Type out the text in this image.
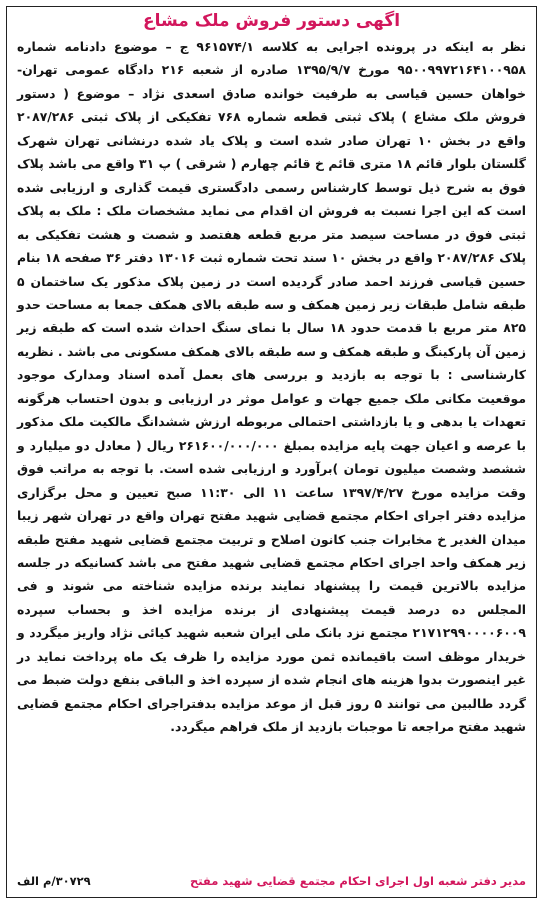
اگهی دستور فروش ملک مشاع

نظر به اینکه در پرونده اجرایی به کلاسه ۹۶۱۵۷۴/۱ ج – موضوع دادنامه شماره ۹۵۰۰۹۹۷۲۱۶۴۱۰۰۹۵۸ مورخ ۱۳۹۵/۹/۷ صادره از شعبه ۲۱۶ دادگاه عمومی تهران- خواهان حسین قیاسی به طرفیت خوانده صادق اسعدی نژاد – موضوع ( دستور فروش ملک مشاع ) پلاک ثبتی قطعه شماره ۷۶۸ تفکیکی از پلاک ثبتی ۲۰۸۷/۲۸۶ واقع در بخش ۱۰ تهران صادر شده است و پلاک یاد شده درنشانی تهران شهرک گلستان بلوار قائم ۱۸ متری قائم خ قائم چهارم ( شرقی ) پ ۳۱ واقع می باشد پلاک فوق به شرح ذیل توسط کارشناس رسمی دادگستری قیمت گذاری و ارزیابی شده است که این اجرا نسبت به فروش ان اقدام می نماید مشخصات ملک : ملک به پلاک ثبتی فوق در مساحت سیصد متر مربع قطعه هفتصد و شصت و هشت تفکیکی به پلاک ۲۰۸۷/۲۸۶ واقع در بخش ۱۰ سند تحت شماره ثبت ۱۳۰۱۶ دفتر ۳۶ صفحه ۱۸ بنام حسین قیاسی فرزند احمد صادر گردیده است در زمین پلاک مذکور یک ساختمان ۵ طبقه شامل طبقات زیر زمین همکف و سه طبقه بالای همکف جمعا به مساحت حدو ۸۲۵ متر مربع با قدمت حدود ۱۸ سال با نمای سنگ احداث شده است که طبقه زیر زمین آن پارکینگ و طبقه همکف و سه طبقه بالای همکف مسکونی می باشد . نظریه کارشناسی : با توجه به بازدید و بررسی های بعمل آمده اسناد ومدارک موجود موقعیت مکانی ملک جمیع جهات و عوامل موثر در ارزیابی و بدون احتساب هرگونه تعهدات یا بدهی و یا بازداشتی احتمالی مربوطه ارزش ششدانگ مالکیت ملک مذکور با عرصه و اعیان جهت پایه مزایده بمبلغ ۲۶۱۶۰۰/۰۰۰/۰۰۰ ریال ( معادل دو میلیارد و ششصد وشصت میلیون تومان )برآورد و ارزیابی شده است. با توجه به مراتب فوق وقت مزایده مورخ ۱۳۹۷/۴/۲۷ ساعت ۱۱ الی ۱۱:۳۰ صبح تعیین و محل برگزاری مزایده دفتر اجرای احکام مجتمع قضایی شهید مفتح تهران واقع در تهران شهر زیبا میدان الغدیر خ مخابرات جنب کانون اصلاح و تربیت مجتمع قضایی شهید مفتح طبقه زیر همکف واحد اجرای احکام مجتمع قضایی شهید مفتح می باشد کسانیکه در جلسه مزایده بالاترین قیمت را پیشنهاد نمایند برنده مزایده شناخته می شوند و فی المجلس ده درصد قیمت پیشنهادی از برنده مزایده اخذ و بحساب سپرده ۲۱۷۱۲۹۹۰۰۰۰۶۰۰۹ مجتمع نزد بانک ملی ایران شعبه شهید کیائی نژاد واریز میگردد و خریدار موظف است باقیمانده ثمن مورد مزایده را ظرف یک ماه پرداخت نماید در غیر اینصورت بدوا هزینه های انجام شده از سپرده اخذ و الباقی بنفع دولت ضبط می گردد طالبین می توانند ۵ روز قبل از موعد مزایده بدفتراجرای احکام مجتمع قضایی شهید مفتح مراجعه تا موجبات بازدید از ملک فراهم میگردد.

مدیر دفتر شعبه اول اجرای احکام مجتمع قضایی شهید مفتح
۳۰۷۲۹/م الف
